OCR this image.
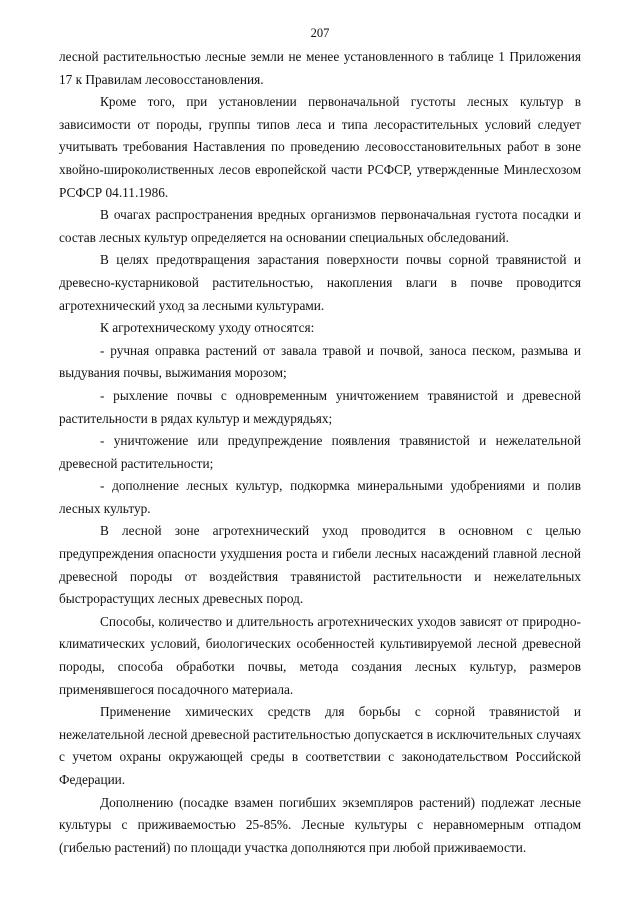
207

лесной растительностью лесные земли не менее установленного в таблице 1 Приложения 17 к Правилам лесовосстановления.

Кроме того, при установлении первоначальной густоты лесных культур в зависимости от породы, группы типов леса и типа лесорастительных условий следует учитывать требования Наставления по проведению лесовосстановительных работ в зоне хвойно-широколиственных лесов европейской части РСФСР, утвержденные Минлесхозом РСФСР 04.11.1986.

В очагах распространения вредных организмов первоначальная густота посадки и состав лесных культур определяется на основании специальных обследований.

В целях предотвращения зарастания поверхности почвы сорной травянистой и древесно-кустарниковой растительностью, накопления влаги в почве проводится агротехнический уход за лесными культурами.

К агротехническому уходу относятся:

- ручная оправка растений от завала травой и почвой, заноса песком, размыва и выдувания почвы, выжимания морозом;

- рыхление почвы с одновременным уничтожением травянистой и древесной растительности в рядах культур и междурядьях;

- уничтожение или предупреждение появления травянистой и нежелательной древесной растительности;

- дополнение лесных культур, подкормка минеральными удобрениями и полив лесных культур.

В лесной зоне агротехнический уход проводится в основном с целью предупреждения опасности ухудшения роста и гибели лесных насаждений главной лесной древесной породы от воздействия травянистой растительности и нежелательных быстрорастущих лесных древесных пород.

Способы, количество и длительность агротехнических уходов зависят от природно-климатических условий, биологических особенностей культивируемой лесной древесной породы, способа обработки почвы, метода создания лесных культур, размеров применявшегося посадочного материала.

Применение химических средств для борьбы с сорной травянистой и нежелательной лесной древесной растительностью допускается в исключительных случаях с учетом охраны окружающей среды в соответствии с законодательством Российской Федерации.

Дополнению (посадке взамен погибших экземпляров растений) подлежат лесные культуры с приживаемостью 25-85%. Лесные культуры с неравномерным отпадом (гибелью растений) по площади участка дополняются при любой приживаемости.
